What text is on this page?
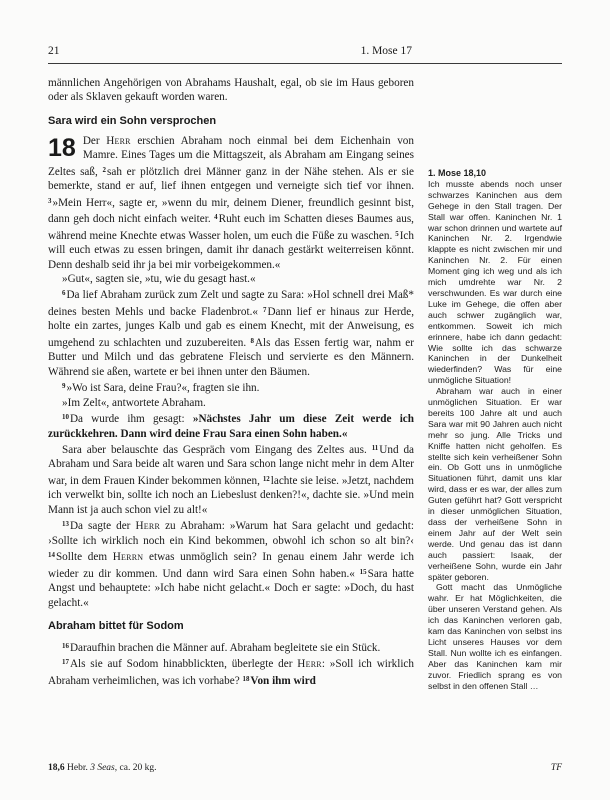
21	1. Mose 17

männlichen Angehörigen von Abrahams Haushalt, egal, ob sie im Haus geboren oder als Sklaven gekauft worden waren.

Sara wird ein Sohn versprochen

18 Der Herr erschien Abraham noch einmal bei dem Eichenhain von Mamre. Eines Tages um die Mittagszeit, als Abraham am Eingang seines Zeltes saß, $^2$sah er plötzlich drei Männer ganz in der Nähe stehen. Als er sie bemerkte, stand er auf, lief ihnen entgegen und verneigte sich tief vor ihnen. $^3$»Mein Herr«, sagte er, »wenn du mir, deinem Diener, freundlich gesinnt bist, dann geh doch nicht einfach weiter. $^4$Ruht euch im Schatten dieses Baumes aus, während meine Knechte etwas Wasser holen, um euch die Füße zu waschen. $^5$Ich will euch etwas zu essen bringen, damit ihr danach gestärkt weiterreisen könnt. Denn deshalb seid ihr ja bei mir vorbeigekommen.«

»Gut«, sagten sie, »tu, wie du gesagt hast.«

$^6$Da lief Abraham zurück zum Zelt und sagte zu Sara: »Hol schnell drei Maß* deines besten Mehls und backe Fladenbrot.« $^7$Dann lief er hinaus zur Herde, holte ein zartes, junges Kalb und gab es einem Knecht, mit der Anweisung, es umgehend zu schlachten und zuzubereiten. $^8$Als das Essen fertig war, nahm er Butter und Milch und das gebratene Fleisch und servierte es den Männern. Während sie aßen, wartete er bei ihnen unter den Bäumen.

$^9$»Wo ist Sara, deine Frau?«, fragten sie ihn.

»Im Zelt«, antwortete Abraham.

$^{10}$Da wurde ihm gesagt: »Nächstes Jahr um diese Zeit werde ich zurückkehren. Dann wird deine Frau Sara einen Sohn haben.«

Sara aber belauschte das Gespräch vom Eingang des Zeltes aus. $^{11}$Und da Abraham und Sara beide alt waren und Sara schon lange nicht mehr in dem Alter war, in dem Frauen Kinder bekommen können, $^{12}$lachte sie leise. »Jetzt, nachdem ich verwelkt bin, sollte ich noch an Liebeslust denken?!«, dachte sie. »Und mein Mann ist ja auch schon viel zu alt!«

$^{13}$Da sagte der Herr zu Abraham: »Warum hat Sara gelacht und gedacht: ›Sollte ich wirklich noch ein Kind bekommen, obwohl ich schon so alt bin?‹ $^{14}$Sollte dem Herrn etwas unmöglich sein? In genau einem Jahr werde ich wieder zu dir kommen. Und dann wird Sara einen Sohn haben.« $^{15}$Sara hatte Angst und behauptete: »Ich habe nicht gelacht.« Doch er sagte: »Doch, du hast gelacht.«

Abraham bittet für Sodom

$^{16}$Daraufhin brachen die Männer auf. Abraham begleitete sie ein Stück.

$^{17}$Als sie auf Sodom hinabblickten, überlegte der Herr: »Soll ich wirklich Abraham verheimlichen, was ich vorhabe? $^{18}$Von ihm wird

1. Mose 18,10

Ich musste abends noch unser schwarzes Kaninchen aus dem Gehege in den Stall tragen. Der Stall war offen. Kaninchen Nr. 1 war schon drinnen und wartete auf Kaninchen Nr. 2. Irgendwie klappte es nicht zwischen mir und Kaninchen Nr. 2. Für einen Moment ging ich weg und als ich mich umdrehte war Nr. 2 verschwunden. Es war durch eine Luke im Gehege, die offen aber auch schwer zugänglich war, entkommen. Soweit ich mich erinnere, habe ich dann gedacht: Wie sollte ich das schwarze Kaninchen in der Dunkelheit wiederfinden? Was für eine unmögliche Situation!

Abraham war auch in einer unmöglichen Situation. Er war bereits 100 Jahre alt und auch Sara war mit 90 Jahren auch nicht mehr so jung. Alle Tricks und Kniffe hatten nicht geholfen. Es stellte sich kein verheißener Sohn ein. Ob Gott uns in unmögliche Situationen führt, damit uns klar wird, dass er es war, der alles zum Guten geführt hat? Gott verspricht in dieser unmöglichen Situation, dass der verheißene Sohn in einem Jahr auf der Welt sein werde. Und genau das ist dann auch passiert: Isaak, der verheißene Sohn, wurde ein Jahr später geboren.

Gott macht das Unmögliche wahr. Er hat Möglichkeiten, die über unseren Verstand gehen. Als ich das Kaninchen verloren gab, kam das Kaninchen von selbst ins Licht unseres Hauses vor dem Stall. Nun wollte ich es einfangen. Aber das Kaninchen kam mir zuvor. Friedlich sprang es von selbst in den offenen Stall …

18,6 Hebr. 3 Seas, ca. 20 kg.	TF
